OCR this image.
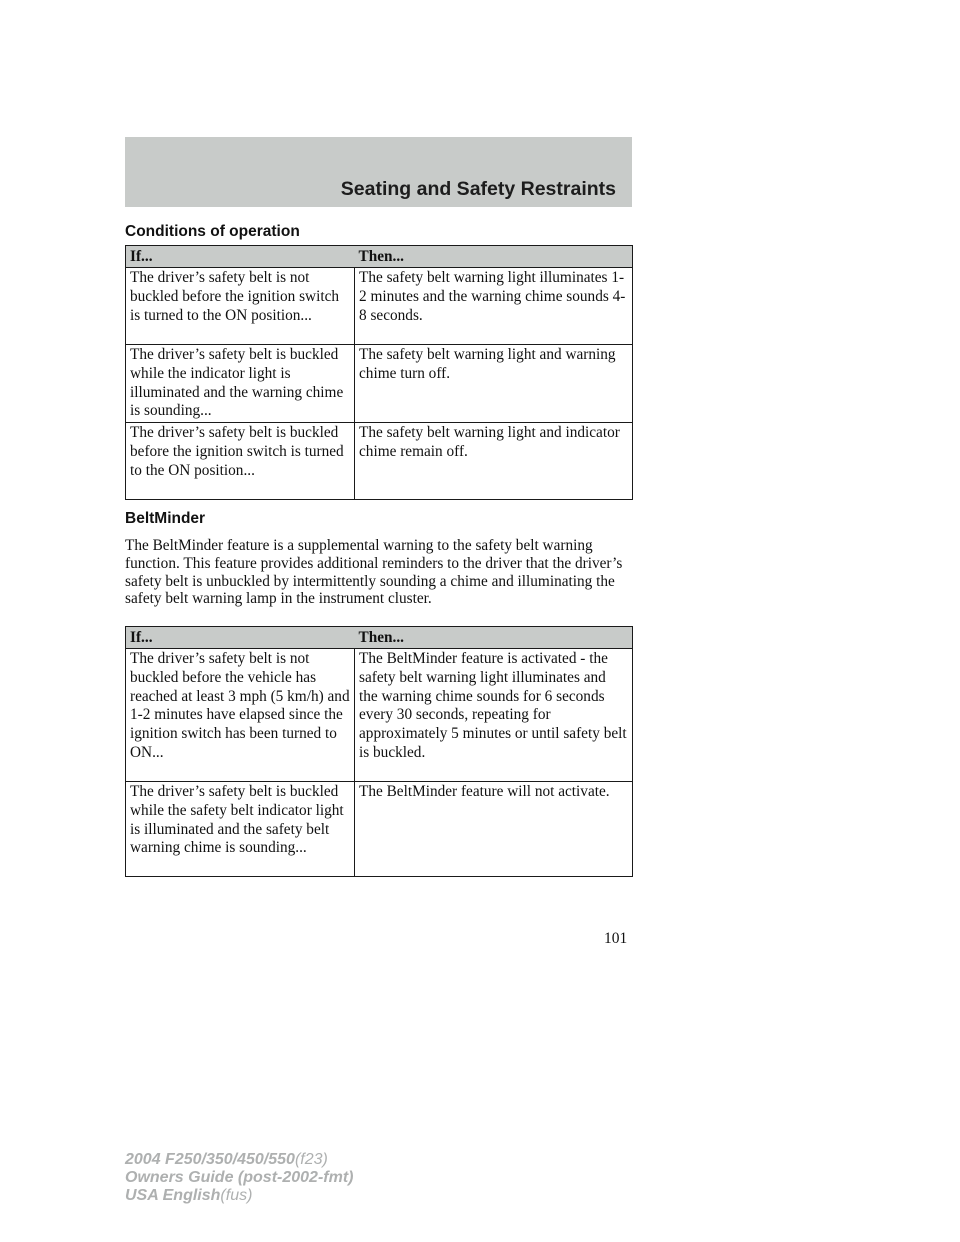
Seating and Safety Restraints
Conditions of operation
If...	Then...
The driver’s safety belt is not buckled before the ignition switch is turned to the ON position...	The safety belt warning light illuminates 1-2 minutes and the warning chime sounds 4-8 seconds.
The driver’s safety belt is buckled while the indicator light is illuminated and the warning chime is sounding...	The safety belt warning light and warning chime turn off.
The driver’s safety belt is buckled before the ignition switch is turned to the ON position...	The safety belt warning light and indicator chime remain off.
BeltMinder

The BeltMinder feature is a supplemental warning to the safety belt warning function. This feature provides additional reminders to the driver that the driver’s safety belt is unbuckled by intermittently sounding a chime and illuminating the safety belt warning lamp in the instrument cluster.

If...	Then...
The driver’s safety belt is not buckled before the vehicle has reached at least 3 mph (5 km/h) and 1-2 minutes have elapsed since the ignition switch has been turned to ON...	The BeltMinder feature is activated - the safety belt warning light illuminates and the warning chime sounds for 6 seconds every 30 seconds, repeating for approximately 5 minutes or until safety belt is buckled.
The driver’s safety belt is buckled while the safety belt indicator light is illuminated and the safety belt warning chime is sounding...	The BeltMinder feature will not activate.

101

2004 F250/350/450/550(f23)
Owners Guide (post-2002-fmt)
USA English(fus)
